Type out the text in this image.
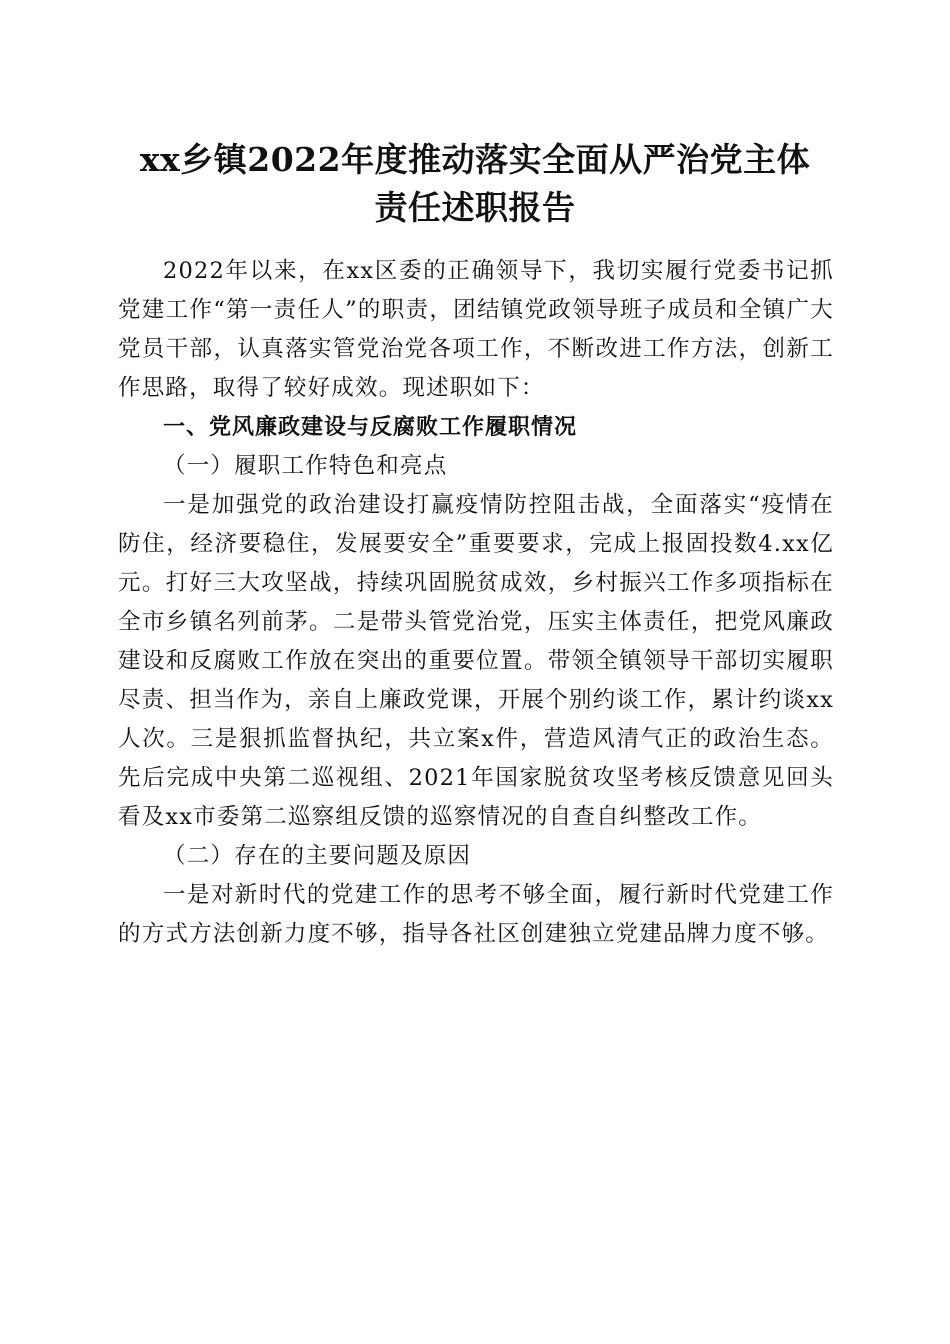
xx乡镇2022年度推动落实全面从严治党主体
责任述职报告

2022年以来，在xx区委的正确领导下，我切实履行党委书记抓党建工作“第一责任人”的职责，团结镇党政领导班子成员和全镇广大党员干部，认真落实管党治党各项工作，不断改进工作方法，创新工作思路，取得了较好成效。现述职如下：

一、党风廉政建设与反腐败工作履职情况

（一）履职工作特色和亮点

一是加强党的政治建设打赢疫情防控阻击战，全面落实“疫情在防住，经济要稳住，发展要安全”重要要求，完成上报固投数4.xx亿元。打好三大攻坚战，持续巩固脱贫成效，乡村振兴工作多项指标在全市乡镇名列前茅。二是带头管党治党，压实主体责任，把党风廉政建设和反腐败工作放在突出的重要位置。带领全镇领导干部切实履职尽责、担当作为，亲自上廉政党课，开展个别约谈工作，累计约谈xx人次。三是狠抓监督执纪，共立案x件，营造风清气正的政治生态。先后完成中央第二巡视组、2021年国家脱贫攻坚考核反馈意见回头看及xx市委第二巡察组反馈的巡察情况的自查自纠整改工作。

（二）存在的主要问题及原因

一是对新时代的党建工作的思考不够全面，履行新时代党建工作的方式方法创新力度不够，指导各社区创建独立党建品牌力度不够。
